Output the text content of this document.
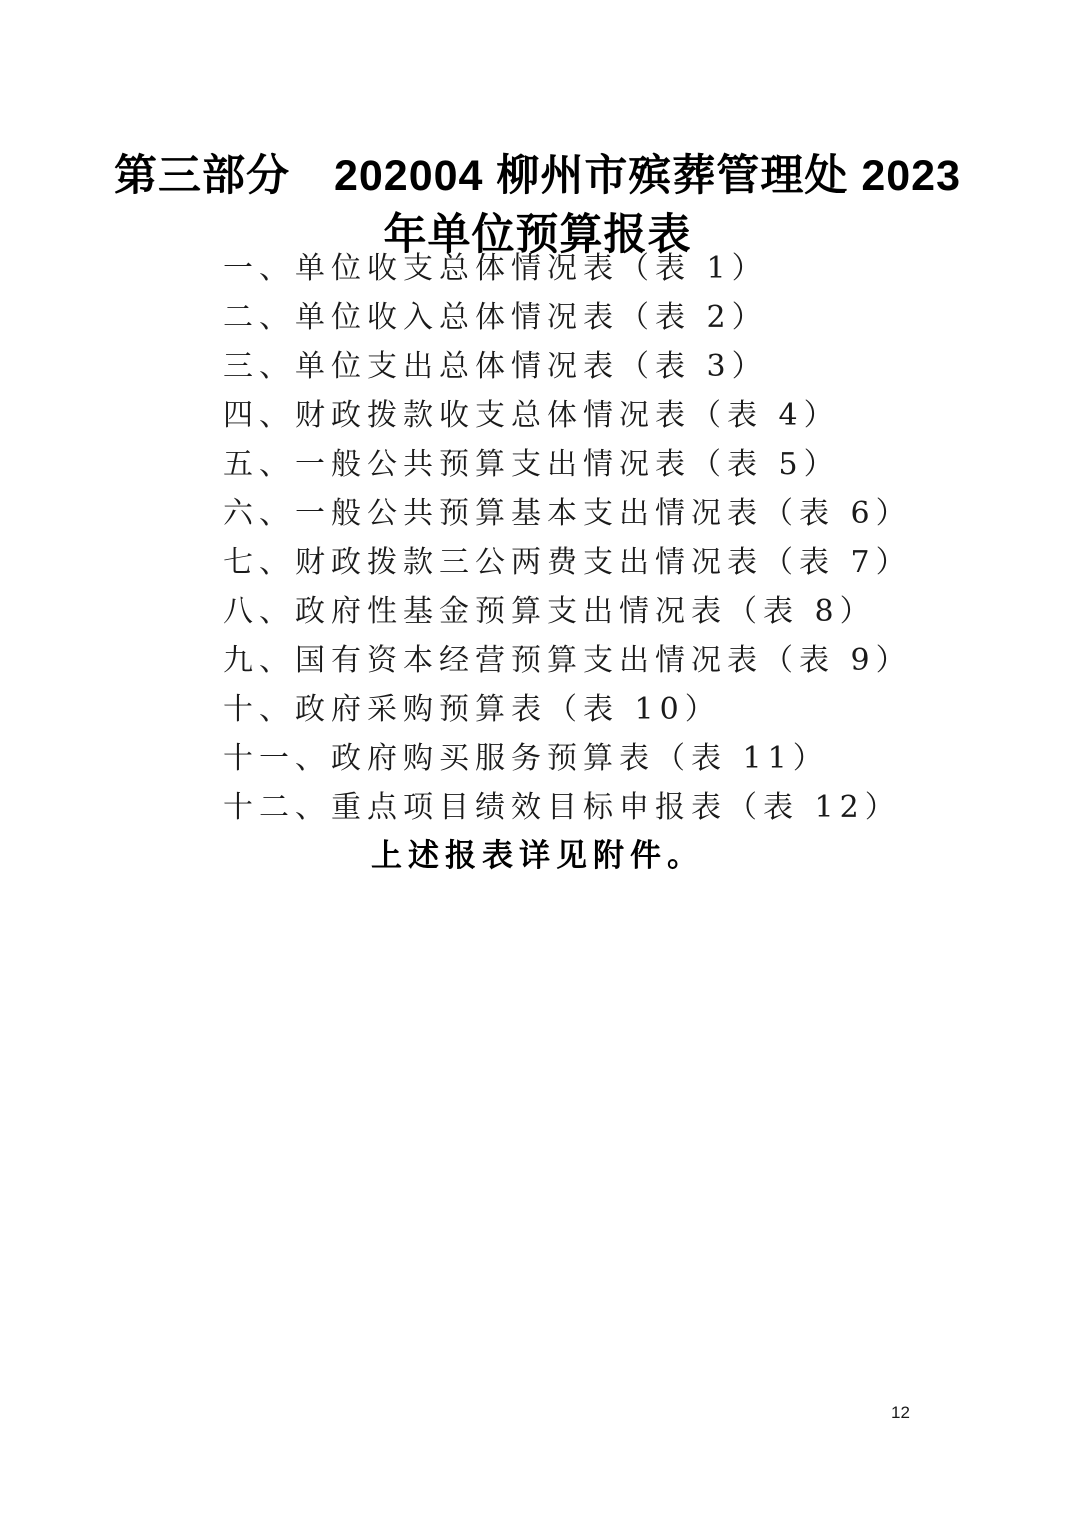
第三部分　202004 柳州市殡葬管理处 2023
年单位预算报表
一、单位收支总体情况表（表 1）
二、单位收入总体情况表（表 2）
三、单位支出总体情况表（表 3）
四、财政拨款收支总体情况表（表 4）
五、一般公共预算支出情况表（表 5）
六、一般公共预算基本支出情况表（表 6）
七、财政拨款三公两费支出情况表（表 7）
八、政府性基金预算支出情况表（表 8）
九、国有资本经营预算支出情况表（表 9）
十、政府采购预算表（表 10）
十一、政府购买服务预算表（表 11）
十二、重点项目绩效目标申报表（表 12）
上述报表详见附件。
12
